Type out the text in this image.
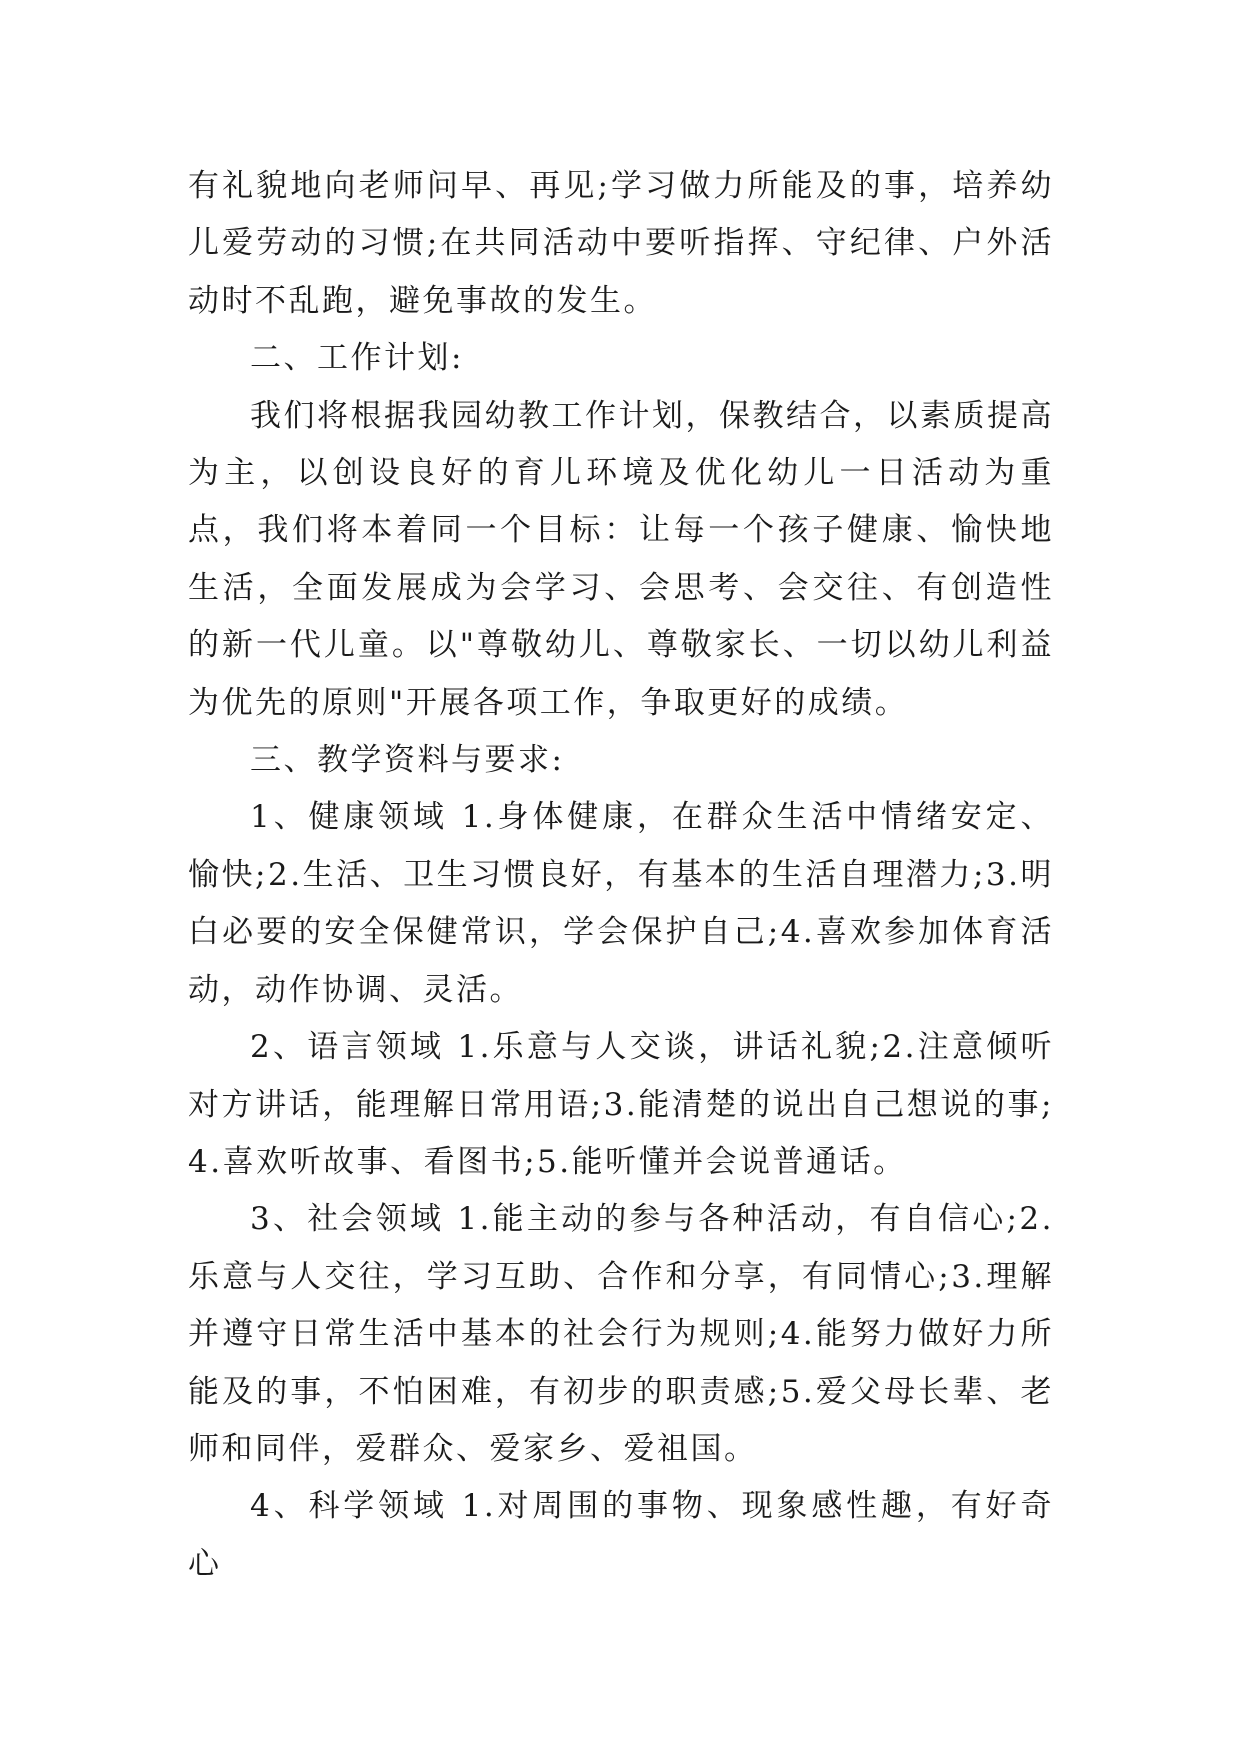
有礼貌地向老师问早、再见;学习做力所能及的事，培养幼儿爱劳动的习惯;在共同活动中要听指挥、守纪律、户外活动时不乱跑，避免事故的发生。

二、工作计划:

我们将根据我园幼教工作计划，保教结合，以素质提高为主，以创设良好的育儿环境及优化幼儿一日活动为重点，我们将本着同一个目标：让每一个孩子健康、愉快地生活，全面发展成为会学习、会思考、会交往、有创造性的新一代儿童。以"尊敬幼儿、尊敬家长、一切以幼儿利益为优先的原则"开展各项工作，争取更好的成绩。

三、教学资料与要求:

1、健康领域 1.身体健康，在群众生活中情绪安定、愉快;2.生活、卫生习惯良好，有基本的生活自理潜力;3.明白必要的安全保健常识，学会保护自己;4.喜欢参加体育活动，动作协调、灵活。

2、语言领域 1.乐意与人交谈，讲话礼貌;2.注意倾听对方讲话，能理解日常用语;3.能清楚的说出自己想说的事;4.喜欢听故事、看图书;5.能听懂并会说普通话。

3、社会领域 1.能主动的参与各种活动，有自信心;2.乐意与人交往，学习互助、合作和分享，有同情心;3.理解并遵守日常生活中基本的社会行为规则;4.能努力做好力所能及的事，不怕困难，有初步的职责感;5.爱父母长辈、老师和同伴，爱群众、爱家乡、爱祖国。

4、科学领域 1.对周围的事物、现象感性趣，有好奇心
